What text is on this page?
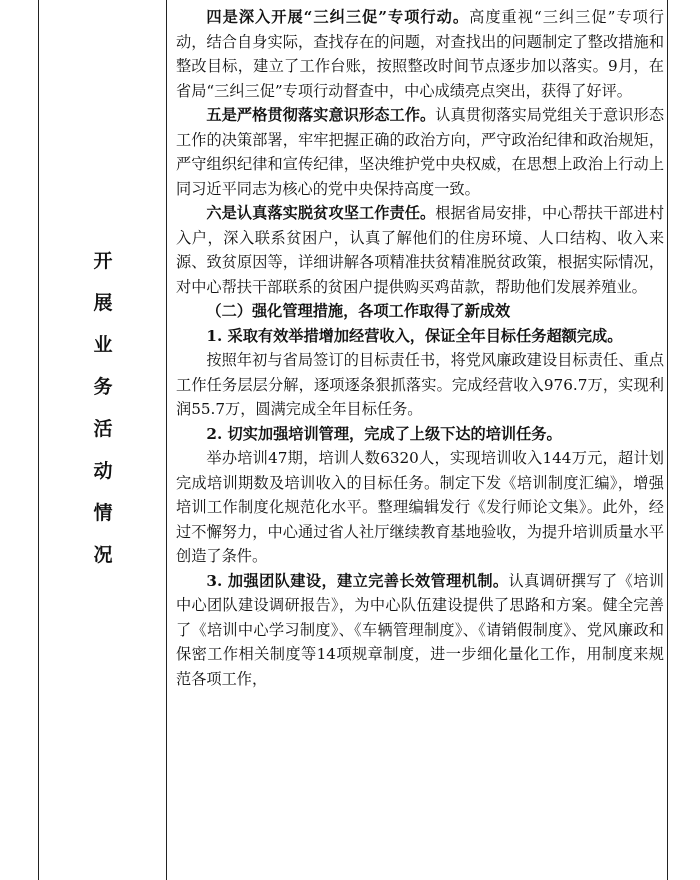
开
展
业
务
活
动
情
况

四是深入开展“三纠三促”专项行动。高度重视“三纠三促”专项行动，结合自身实际，查找存在的问题，对查找出的问题制定了整改措施和整改目标，建立了工作台账，按照整改时间节点逐步加以落实。9月，在省局“三纠三促”专项行动督查中，中心成绩亮点突出，获得了好评。

五是严格贯彻落实意识形态工作。认真贯彻落实局党组关于意识形态工作的决策部署，牢牢把握正确的政治方向，严守政治纪律和政治规矩，严守组织纪律和宣传纪律，坚决维护党中央权威，在思想上政治上行动上同习近平同志为核心的党中央保持高度一致。

六是认真落实脱贫攻坚工作责任。根据省局安排，中心帮扶干部进村入户，深入联系贫困户，认真了解他们的住房环境、人口结构、收入来源、致贫原因等，详细讲解各项精准扶贫精准脱贫政策，根据实际情况，对中心帮扶干部联系的贫困户提供购买鸡苗款，帮助他们发展养殖业。

（二）强化管理措施，各项工作取得了新成效

1. 采取有效举措增加经营收入，保证全年目标任务超额完成。

按照年初与省局签订的目标责任书，将党风廉政建设目标责任、重点工作任务层层分解，逐项逐条狠抓落实。完成经营收入976.7万，实现利润55.7万，圆满完成全年目标任务。

2. 切实加强培训管理，完成了上级下达的培训任务。

举办培训47期，培训人数6320人，实现培训收入144万元，超计划完成培训期数及培训收入的目标任务。制定下发《培训制度汇编》，增强培训工作制度化规范化水平。整理编辑发行《发行师论文集》。此外，经过不懈努力，中心通过省人社厅继续教育基地验收，为提升培训质量水平创造了条件。

3. 加强团队建设，建立完善长效管理机制。认真调研撰写了《培训中心团队建设调研报告》，为中心队伍建设提供了思路和方案。健全完善了《培训中心学习制度》、《车辆管理制度》、《请销假制度》、党风廉政和保密工作相关制度等14项规章制度，进一步细化量化工作，用制度来规范各项工作，
